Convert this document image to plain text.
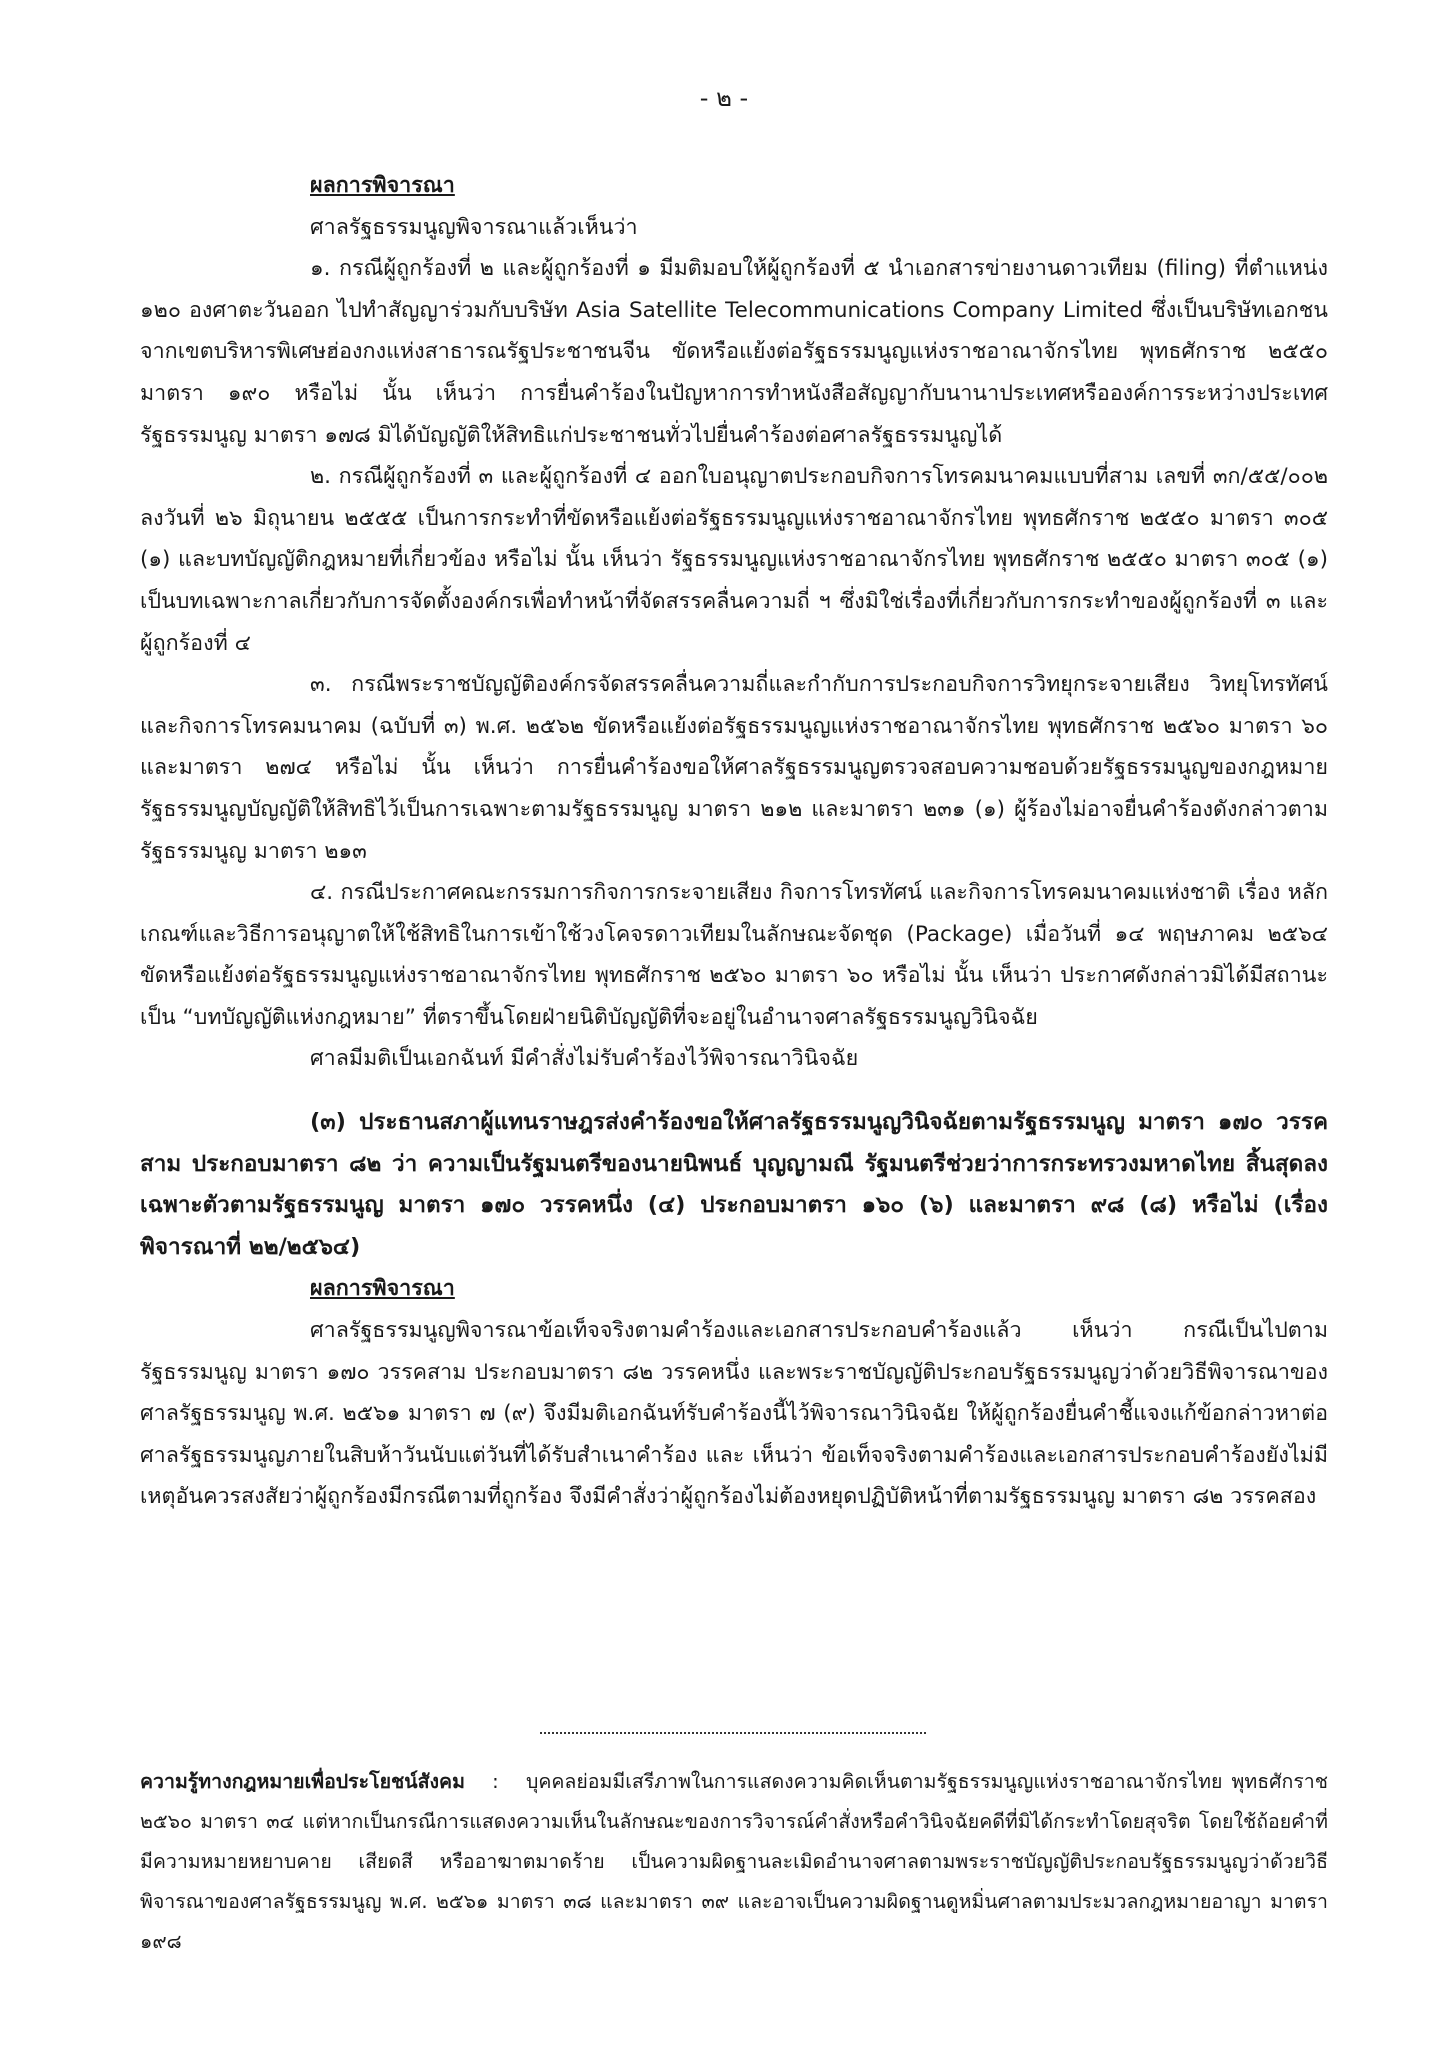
- ๒ -

ผลการพิจารณา

ศาลรัฐธรรมนูญพิจารณาแล้วเห็นว่า

๑. กรณีผู้ถูกร้องที่ ๒ และผู้ถูกร้องที่ ๑ มีมติมอบให้ผู้ถูกร้องที่ ๕ นำเอกสารข่ายงานดาวเทียม (filing) ที่ตำแหน่ง ๑๒๐ องศาตะวันออก ไปทำสัญญาร่วมกับบริษัท Asia Satellite Telecommunications Company Limited ซึ่งเป็นบริษัทเอกชนจากเขตบริหารพิเศษฮ่องกงแห่งสาธารณรัฐประชาชนจีน ขัดหรือแย้งต่อรัฐธรรมนูญแห่งราชอาณาจักรไทย พุทธศักราช ๒๕๕๐ มาตรา ๑๙๐ หรือไม่ นั้น เห็นว่า การยื่นคำร้องในปัญหาการทำหนังสือสัญญากับนานาประเทศหรือองค์การระหว่างประเทศ รัฐธรรมนูญ มาตรา ๑๗๘ มิได้บัญญัติให้สิทธิแก่ประชาชนทั่วไปยื่นคำร้องต่อศาลรัฐธรรมนูญได้

๒. กรณีผู้ถูกร้องที่ ๓ และผู้ถูกร้องที่ ๔ ออกใบอนุญาตประกอบกิจการโทรคมนาคมแบบที่สาม เลขที่ ๓ก/๕๕/๐๐๒ ลงวันที่ ๒๖ มิถุนายน ๒๕๕๕ เป็นการกระทำที่ขัดหรือแย้งต่อรัฐธรรมนูญแห่งราชอาณาจักรไทย พุทธศักราช ๒๕๕๐ มาตรา ๓๐๕ (๑) และบทบัญญัติกฎหมายที่เกี่ยวข้อง หรือไม่ นั้น เห็นว่า รัฐธรรมนูญแห่งราชอาณาจักรไทย พุทธศักราช ๒๕๕๐ มาตรา ๓๐๕ (๑) เป็นบทเฉพาะกาลเกี่ยวกับการจัดตั้งองค์กรเพื่อทำหน้าที่จัดสรรคลื่นความถี่ ฯ ซึ่งมิใช่เรื่องที่เกี่ยวกับการกระทำของผู้ถูกร้องที่ ๓ และผู้ถูกร้องที่ ๔

๓. กรณีพระราชบัญญัติองค์กรจัดสรรคลื่นความถี่และกำกับการประกอบกิจการวิทยุกระจายเสียง วิทยุโทรทัศน์ และกิจการโทรคมนาคม (ฉบับที่ ๓) พ.ศ. ๒๕๖๒ ขัดหรือแย้งต่อรัฐธรรมนูญแห่งราชอาณาจักรไทย พุทธศักราช ๒๕๖๐ มาตรา ๖๐ และมาตรา ๒๗๔ หรือไม่ นั้น เห็นว่า การยื่นคำร้องขอให้ศาลรัฐธรรมนูญตรวจสอบความชอบด้วยรัฐธรรมนูญของกฎหมาย รัฐธรรมนูญบัญญัติให้สิทธิไว้เป็นการเฉพาะตามรัฐธรรมนูญ มาตรา ๒๑๒ และมาตรา ๒๓๑ (๑) ผู้ร้องไม่อาจยื่นคำร้องดังกล่าวตามรัฐธรรมนูญ มาตรา ๒๑๓

๔. กรณีประกาศคณะกรรมการกิจการกระจายเสียง กิจการโทรทัศน์ และกิจการโทรคมนาคมแห่งชาติ เรื่อง หลักเกณฑ์และวิธีการอนุญาตให้ใช้สิทธิในการเข้าใช้วงโคจรดาวเทียมในลักษณะจัดชุด (Package) เมื่อวันที่ ๑๔ พฤษภาคม ๒๕๖๔ ขัดหรือแย้งต่อรัฐธรรมนูญแห่งราชอาณาจักรไทย พุทธศักราช ๒๕๖๐ มาตรา ๖๐ หรือไม่ นั้น เห็นว่า ประกาศดังกล่าวมิได้มีสถานะเป็น “บทบัญญัติแห่งกฎหมาย” ที่ตราขึ้นโดยฝ่ายนิติบัญญัติที่จะอยู่ในอำนาจศาลรัฐธรรมนูญวินิจฉัย

ศาลมีมติเป็นเอกฉันท์ มีคำสั่งไม่รับคำร้องไว้พิจารณาวินิจฉัย

(๓) ประธานสภาผู้แทนราษฎรส่งคำร้องขอให้ศาลรัฐธรรมนูญวินิจฉัยตามรัฐธรรมนูญ มาตรา ๑๗๐ วรรคสาม ประกอบมาตรา ๘๒ ว่า ความเป็นรัฐมนตรีของนายนิพนธ์ บุญญามณี รัฐมนตรีช่วยว่าการกระทรวงมหาดไทย สิ้นสุดลงเฉพาะตัวตามรัฐธรรมนูญ มาตรา ๑๗๐ วรรคหนึ่ง (๔) ประกอบมาตรา ๑๖๐ (๖) และมาตรา ๙๘ (๘) หรือไม่ (เรื่องพิจารณาที่ ๒๒/๒๕๖๔)

ผลการพิจารณา

ศาลรัฐธรรมนูญพิจารณาข้อเท็จจริงตามคำร้องและเอกสารประกอบคำร้องแล้ว เห็นว่า กรณีเป็นไปตามรัฐธรรมนูญ มาตรา ๑๗๐ วรรคสาม ประกอบมาตรา ๘๒ วรรคหนึ่ง และพระราชบัญญัติประกอบรัฐธรรมนูญว่าด้วยวิธีพิจารณาของศาลรัฐธรรมนูญ พ.ศ. ๒๕๖๑ มาตรา ๗ (๙) จึงมีมติเอกฉันท์รับคำร้องนี้ไว้พิจารณาวินิจฉัย ให้ผู้ถูกร้องยื่นคำชี้แจงแก้ข้อกล่าวหาต่อศาลรัฐธรรมนูญภายในสิบห้าวันนับแต่วันที่ได้รับสำเนาคำร้อง และ เห็นว่า ข้อเท็จจริงตามคำร้องและเอกสารประกอบคำร้องยังไม่มีเหตุอันควรสงสัยว่าผู้ถูกร้องมีกรณีตามที่ถูกร้อง จึงมีคำสั่งว่าผู้ถูกร้องไม่ต้องหยุดปฏิบัติหน้าที่ตามรัฐธรรมนูญ มาตรา ๘๒ วรรคสอง

ความรู้ทางกฎหมายเพื่อประโยชน์สังคม : บุคคลย่อมมีเสรีภาพในการแสดงความคิดเห็นตามรัฐธรรมนูญแห่งราชอาณาจักรไทย พุทธศักราช ๒๕๖๐ มาตรา ๓๔ แต่หากเป็นกรณีการแสดงความเห็นในลักษณะของการวิจารณ์คำสั่งหรือคำวินิจฉัยคดีที่มิได้กระทำโดยสุจริต โดยใช้ถ้อยคำที่มีความหมายหยาบคาย เสียดสี หรืออาฆาตมาดร้าย เป็นความผิดฐานละเมิดอำนาจศาลตามพระราชบัญญัติประกอบรัฐธรรมนูญว่าด้วยวิธีพิจารณาของศาลรัฐธรรมนูญ พ.ศ. ๒๕๖๑ มาตรา ๓๘ และมาตรา ๓๙ และอาจเป็นความผิดฐานดูหมิ่นศาลตามประมวลกฎหมายอาญา มาตรา ๑๙๘
